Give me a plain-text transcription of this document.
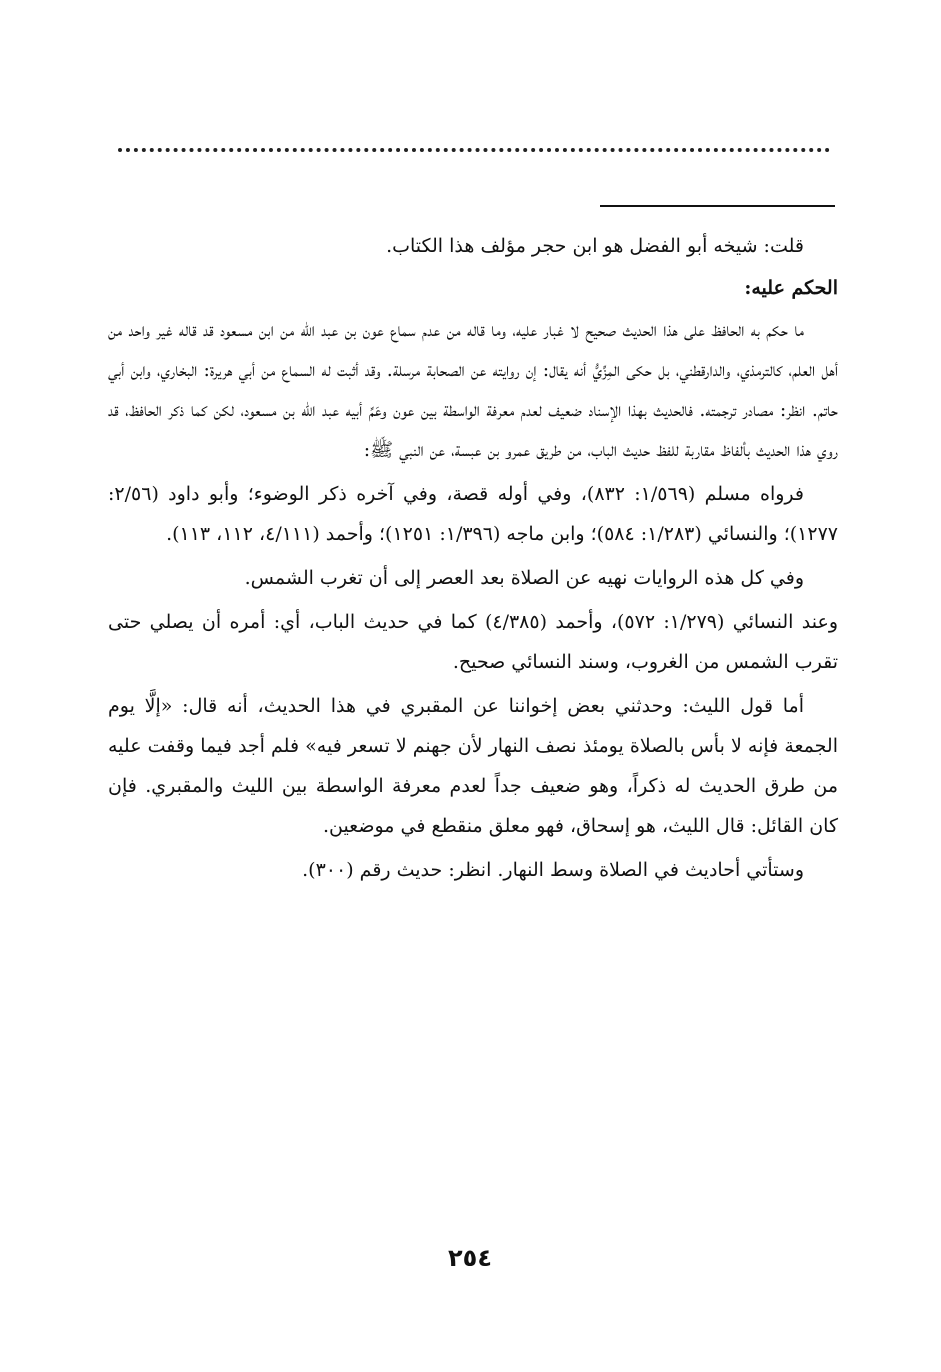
قلت: شيخه أبو الفضل هو ابن حجر مؤلف هذا الكتاب.

الحكم عليه:

ما حكم به الحافظ على هذا الحديث صحيح لا غبار عليه، وما قاله من عدم سماع عون بن عبد الله من ابن مسعود قد قاله غير واحد من أهل العلم، كالترمذي، والدارقطني، بل حكى المِزِّيُّ أنه يقال: إن روايته عن الصحابة مرسلة. وقد أثبت له السماع من أبي هريرة: البخاري، وابن أبي حاتم. انظر: مصادر ترجمته. فالحديث بهذا الإسناد ضعيف لعدم معرفة الواسطة بين عون وعَمِّ أبيه عبد الله بن مسعود، لكن كما ذكر الحافظ، قد روي هذا الحديث بألفاظ مقاربة للفظ حديث الباب، من طريق عمرو بن عبسة، عن النبي ﷺ:

فرواه مسلم (١/٥٦٩: ٨٣٢)، وفي أوله قصة، وفي آخره ذكر الوضوء؛ وأبو داود (٢/٥٦: ١٢٧٧)؛ والنسائي (١/٢٨٣: ٥٨٤)؛ وابن ماجه (١/٣٩٦: ١٢٥١)؛ وأحمد (٤/١١١، ١١٢، ١١٣).

وفي كل هذه الروايات نهيه عن الصلاة بعد العصر إلى أن تغرب الشمس.

وعند النسائي (١/٢٧٩: ٥٧٢)، وأحمد (٤/٣٨٥) كما في حديث الباب، أي: أمره أن يصلي حتى تقرب الشمس من الغروب، وسند النسائي صحيح.

أما قول الليث: وحدثني بعض إخواننا عن المقبري في هذا الحديث، أنه قال: «إلَّا يوم الجمعة فإنه لا بأس بالصلاة يومئذ نصف النهار لأن جهنم لا تسعر فيه» فلم أجد فيما وقفت عليه من طرق الحديث له ذكراً، وهو ضعيف جداً لعدم معرفة الواسطة بين الليث والمقبري. فإن كان القائل: قال الليث، هو إسحاق، فهو معلق منقطع في موضعين.

وستأتي أحاديث في الصلاة وسط النهار. انظر: حديث رقم (٣٠٠).

٢٥٤
